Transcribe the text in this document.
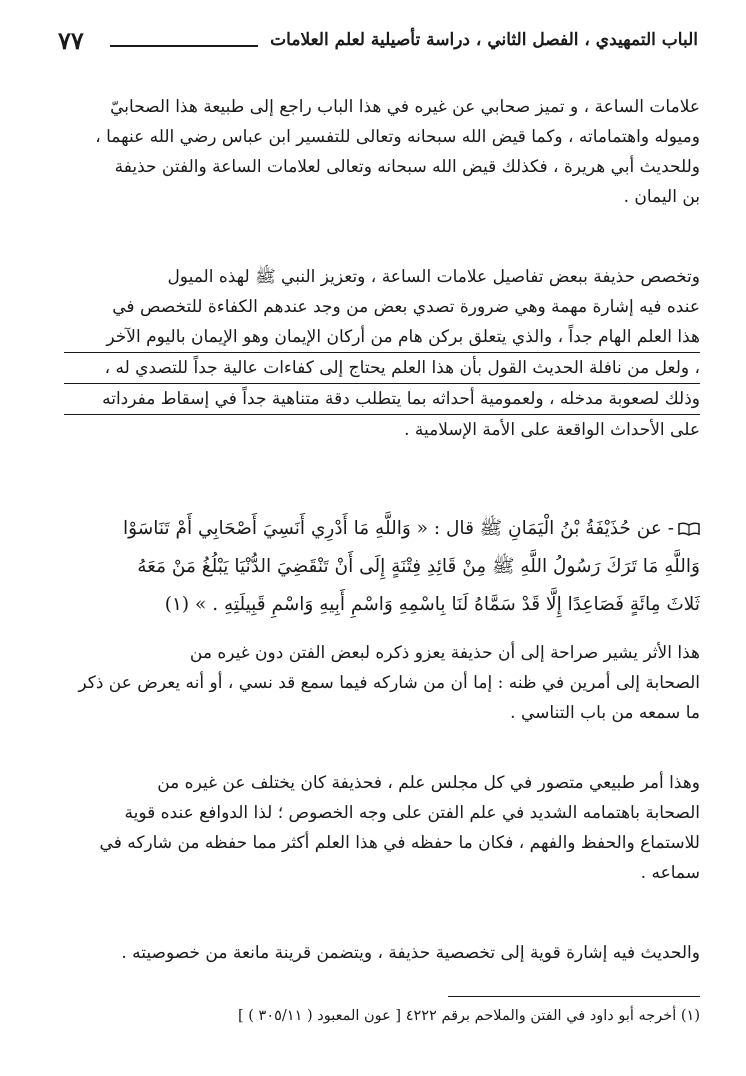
الباب التمهيدي ، الفصل الثاني ، دراسة تأصيلية لعلم العلامات
٧٧
علامات الساعة ، و تميز صحابي عن غيره في هذا الباب راجع إلى طبيعة هذا الصحابيّ
وميوله واهتماماته ، وكما قيض الله سبحانه وتعالى للتفسير ابن عباس رضي الله عنهما ،
وللحديث أبي هريرة ، فكذلك قيض الله سبحانه وتعالى لعلامات الساعة والفتن حذيفة
بن اليمان .
وتخصص حذيفة ببعض تفاصيل علامات الساعة ، وتعزيز النبي ﷺ لهذه الميول
عنده فيه إشارة مهمة وهي ضرورة تصدي بعض من وجد عندهم الكفاءة للتخصص في
هذا العلم الهام جداً ، والذي يتعلق بركن هام من أركان الإيمان وهو الإيمان باليوم الآخر
، ولعل من نافلة الحديث القول بأن هذا العلم يحتاج إلى كفاءات عالية جداً للتصدي له ،
وذلك لصعوبة مدخله ، ولعمومية أحداثه بما يتطلب دقة متناهية جداً في إسقاط مفرداته
على الأحداث الواقعة على الأمة الإسلامية .
- عن حُذَيْفَةُ بْنُ الْيَمَانِ ﷺ قال : « وَاللَّهِ مَا أَدْرِي أَنَسِيَ أَصْحَابِي أَمْ تَنَاسَوْا
وَاللَّهِ مَا تَرَكَ رَسُولُ اللَّهِ ﷺ مِنْ قَائِدِ فِتْنَةٍ إِلَى أَنْ تَنْقَضِيَ الدُّنْيَا يَبْلُغُ مَنْ مَعَهُ
ثَلاثَ مِائَةٍ فَصَاعِدًا إِلَّا قَدْ سَمَّاهُ لَنَا بِاسْمِهِ وَاسْمِ أَبِيهِ وَاسْمِ قَبِيلَتِهِ . » (١)
هذا الأثر يشير صراحة إلى أن حذيفة يعزو ذكره لبعض الفتن دون غيره من
الصحابة إلى أمرين في ظنه : إما أن من شاركه فيما سمع قد نسي ، أو أنه يعرض عن ذكر
ما سمعه من باب التناسي .
وهذا أمر طبيعي متصور في كل مجلس علم ، فحذيفة كان يختلف عن غيره من
الصحابة باهتمامه الشديد في علم الفتن على وجه الخصوص ؛ لذا الدوافع عنده قوية
للاستماع والحفظ والفهم ، فكان ما حفظه في هذا العلم أكثر مما حفظه من شاركه في
سماعه .
والحديث فيه إشارة قوية إلى تخصصية حذيفة ، ويتضمن قرينة مانعة من خصوصيته .
(١) أخرجه أبو داود في الفتن والملاحم برقم ٤٢٢٢ [ عون المعبود ( ٣٠٥/١١ ) ]
